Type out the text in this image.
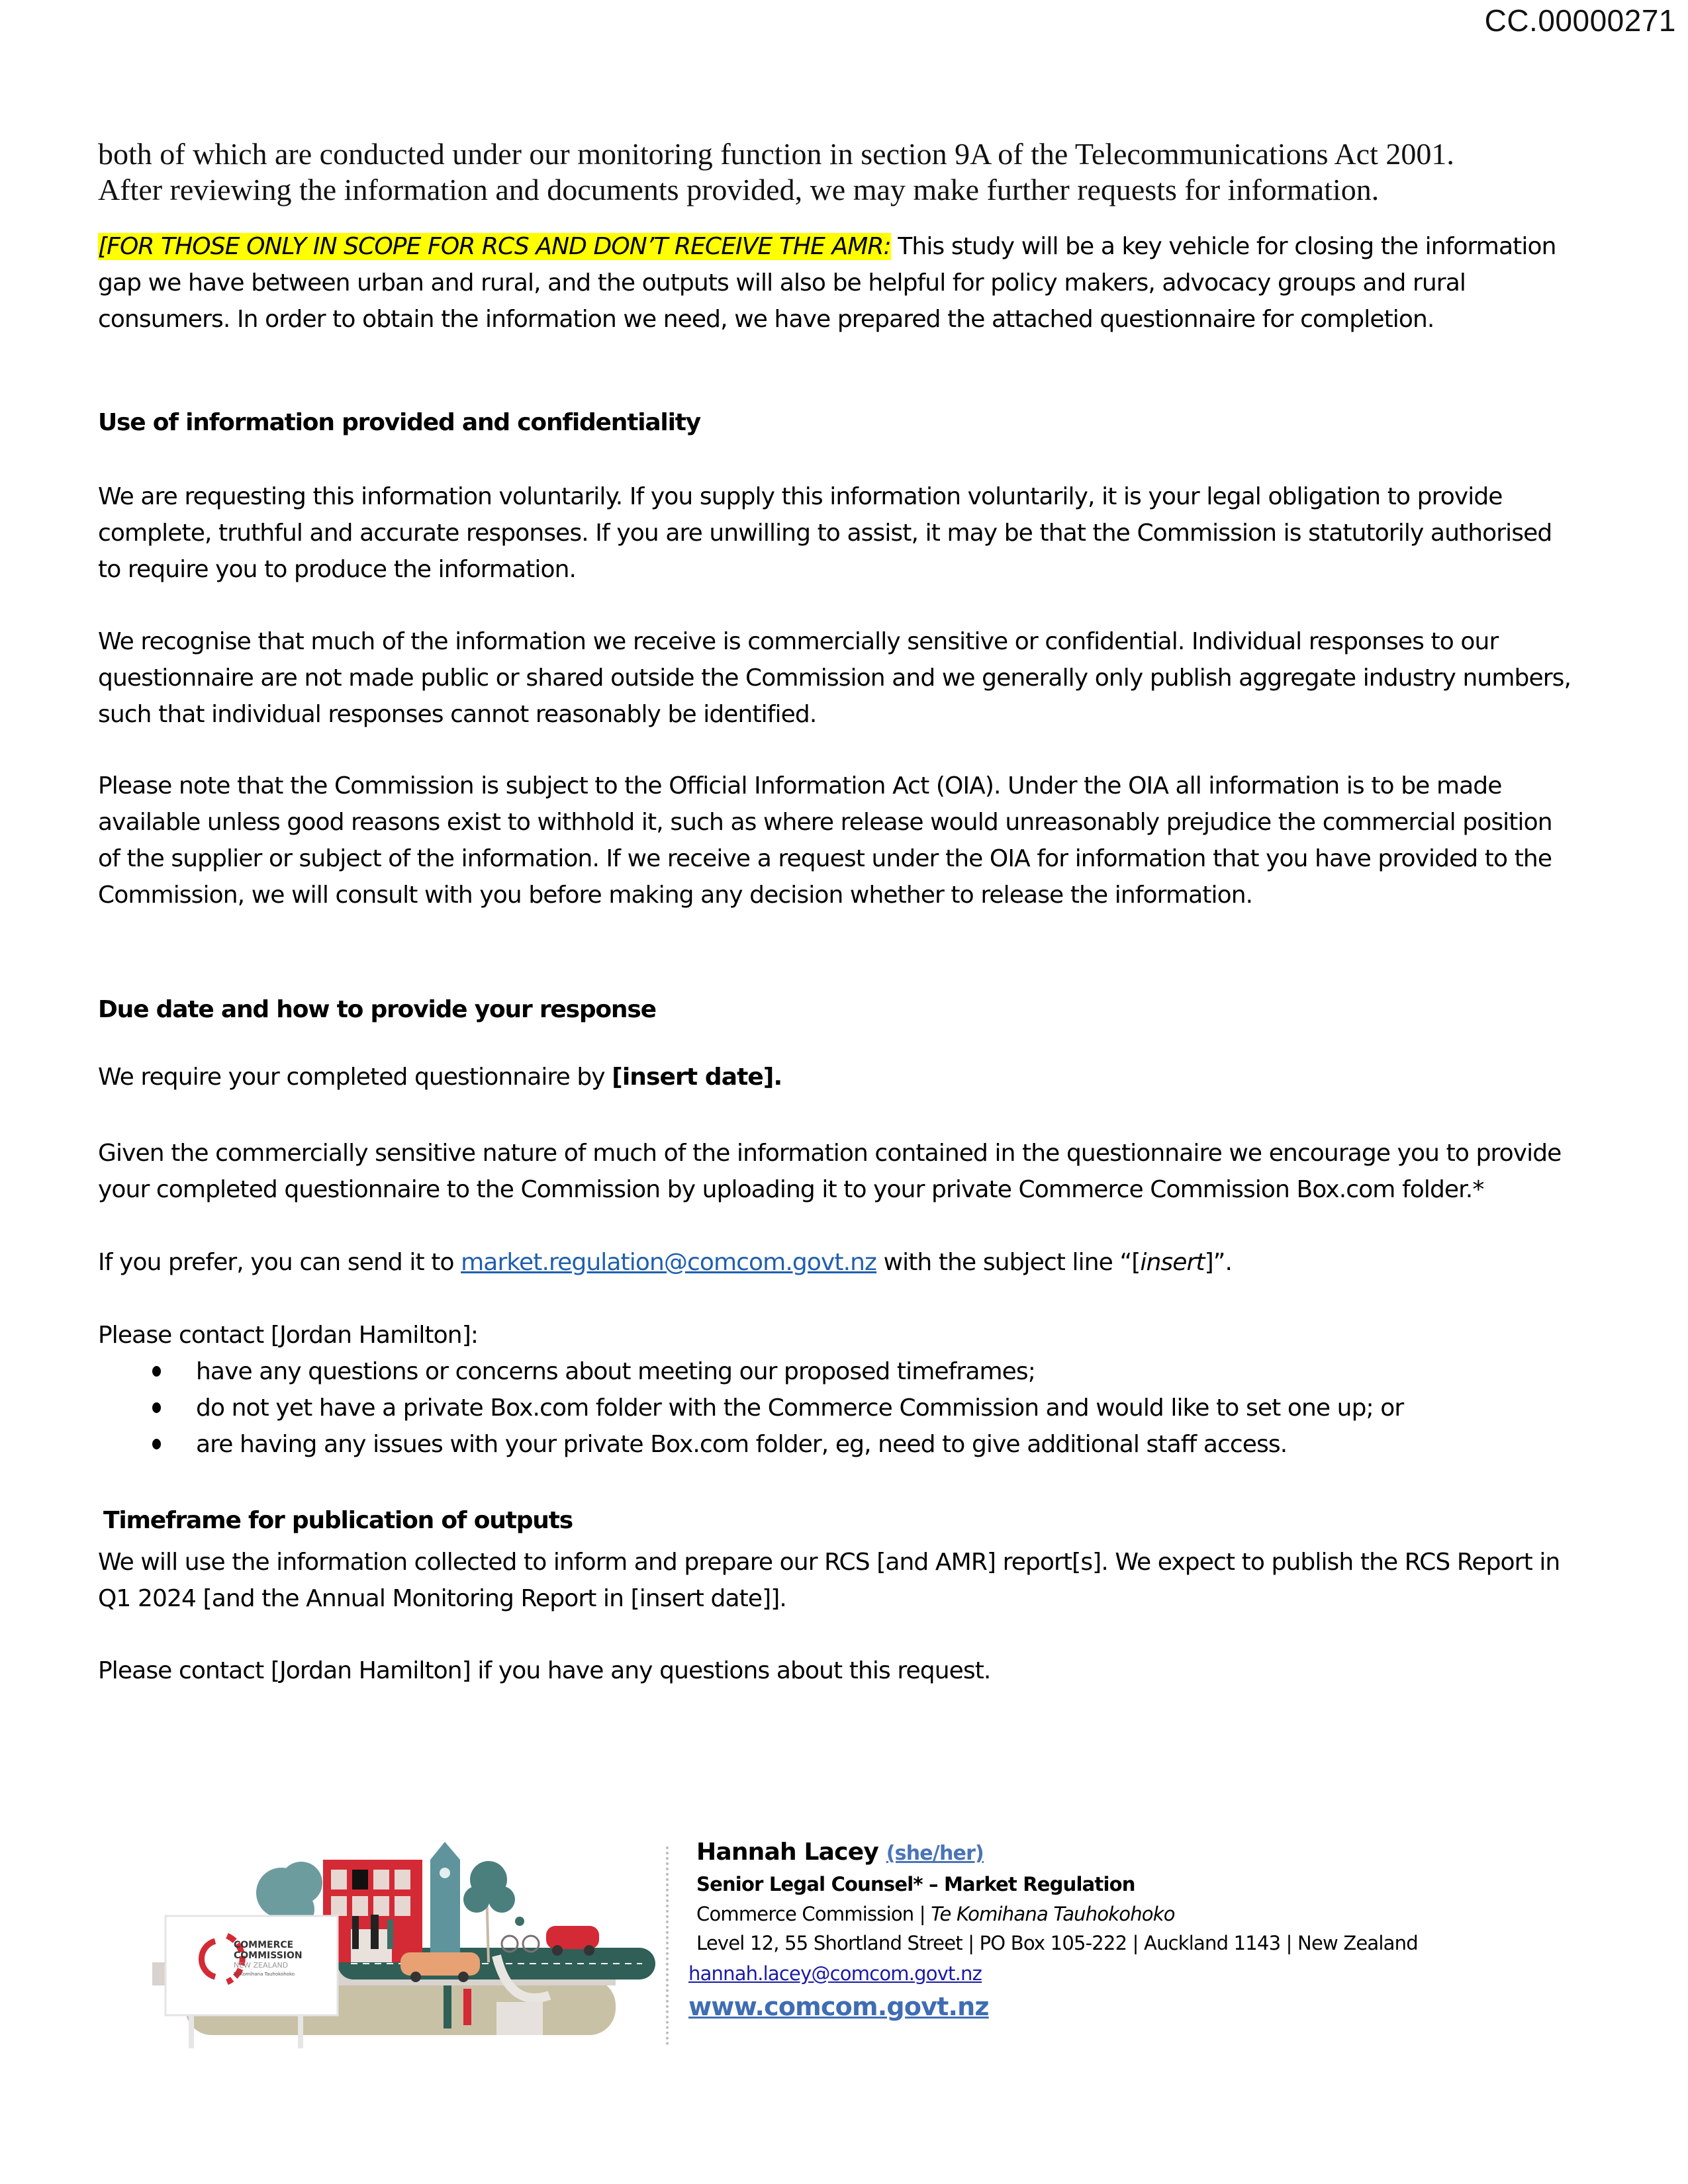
CC.00000271
both of which are conducted under our monitoring function in section 9A of the Telecommunications Act 2001.
After reviewing the information and documents provided, we may make further requests for information.

[FOR THOSE ONLY IN SCOPE FOR RCS AND DON’T RECEIVE THE AMR: This study will be a key vehicle for closing the information gap we have between urban and rural, and the outputs will also be helpful for policy makers, advocacy groups and rural consumers. In order to obtain the information we need, we have prepared the attached questionnaire for completion.

Use of information provided and confidentiality

We are requesting this information voluntarily. If you supply this information voluntarily, it is your legal obligation to provide complete, truthful and accurate responses. If you are unwilling to assist, it may be that the Commission is statutorily authorised to require you to produce the information.

We recognise that much of the information we receive is commercially sensitive or confidential. Individual responses to our questionnaire are not made public or shared outside the Commission and we generally only publish aggregate industry numbers, such that individual responses cannot reasonably be identified.

Please note that the Commission is subject to the Official Information Act (OIA). Under the OIA all information is to be made available unless good reasons exist to withhold it, such as where release would unreasonably prejudice the commercial position of the supplier or subject of the information. If we receive a request under the OIA for information that you have provided to the Commission, we will consult with you before making any decision whether to release the information.

Due date and how to provide your response

We require your completed questionnaire by [insert date].

Given the commercially sensitive nature of much of the information contained in the questionnaire we encourage you to provide your completed questionnaire to the Commission by uploading it to your private Commerce Commission Box.com folder.*

If you prefer, you can send it to market.regulation@comcom.govt.nz with the subject line “[insert]”.

Please contact [Jordan Hamilton]:

have any questions or concerns about meeting our proposed timeframes;
do not yet have a private Box.com folder with the Commerce Commission and would like to set one up; or
are having any issues with your private Box.com folder, eg, need to give additional staff access.
Timeframe for publication of outputs

We will use the information collected to inform and prepare our RCS [and AMR] report[s]. We expect to publish the RCS Report in Q1 2024 [and the Annual Monitoring Report in [insert date]].

Please contact [Jordan Hamilton] if you have any questions about this request.

COMMERCE
COMMISSION
NEW ZEALAND
Te Komihana Tauhokohoko
Hannah Lacey (she/her)
Senior Legal Counsel* – Market Regulation
Commerce Commission | Te Komihana Tauhokohoko
Level 12, 55 Shortland Street | PO Box 105-222 | Auckland 1143 | New Zealand
hannah.lacey@comcom.govt.nz
www.comcom.govt.nz
